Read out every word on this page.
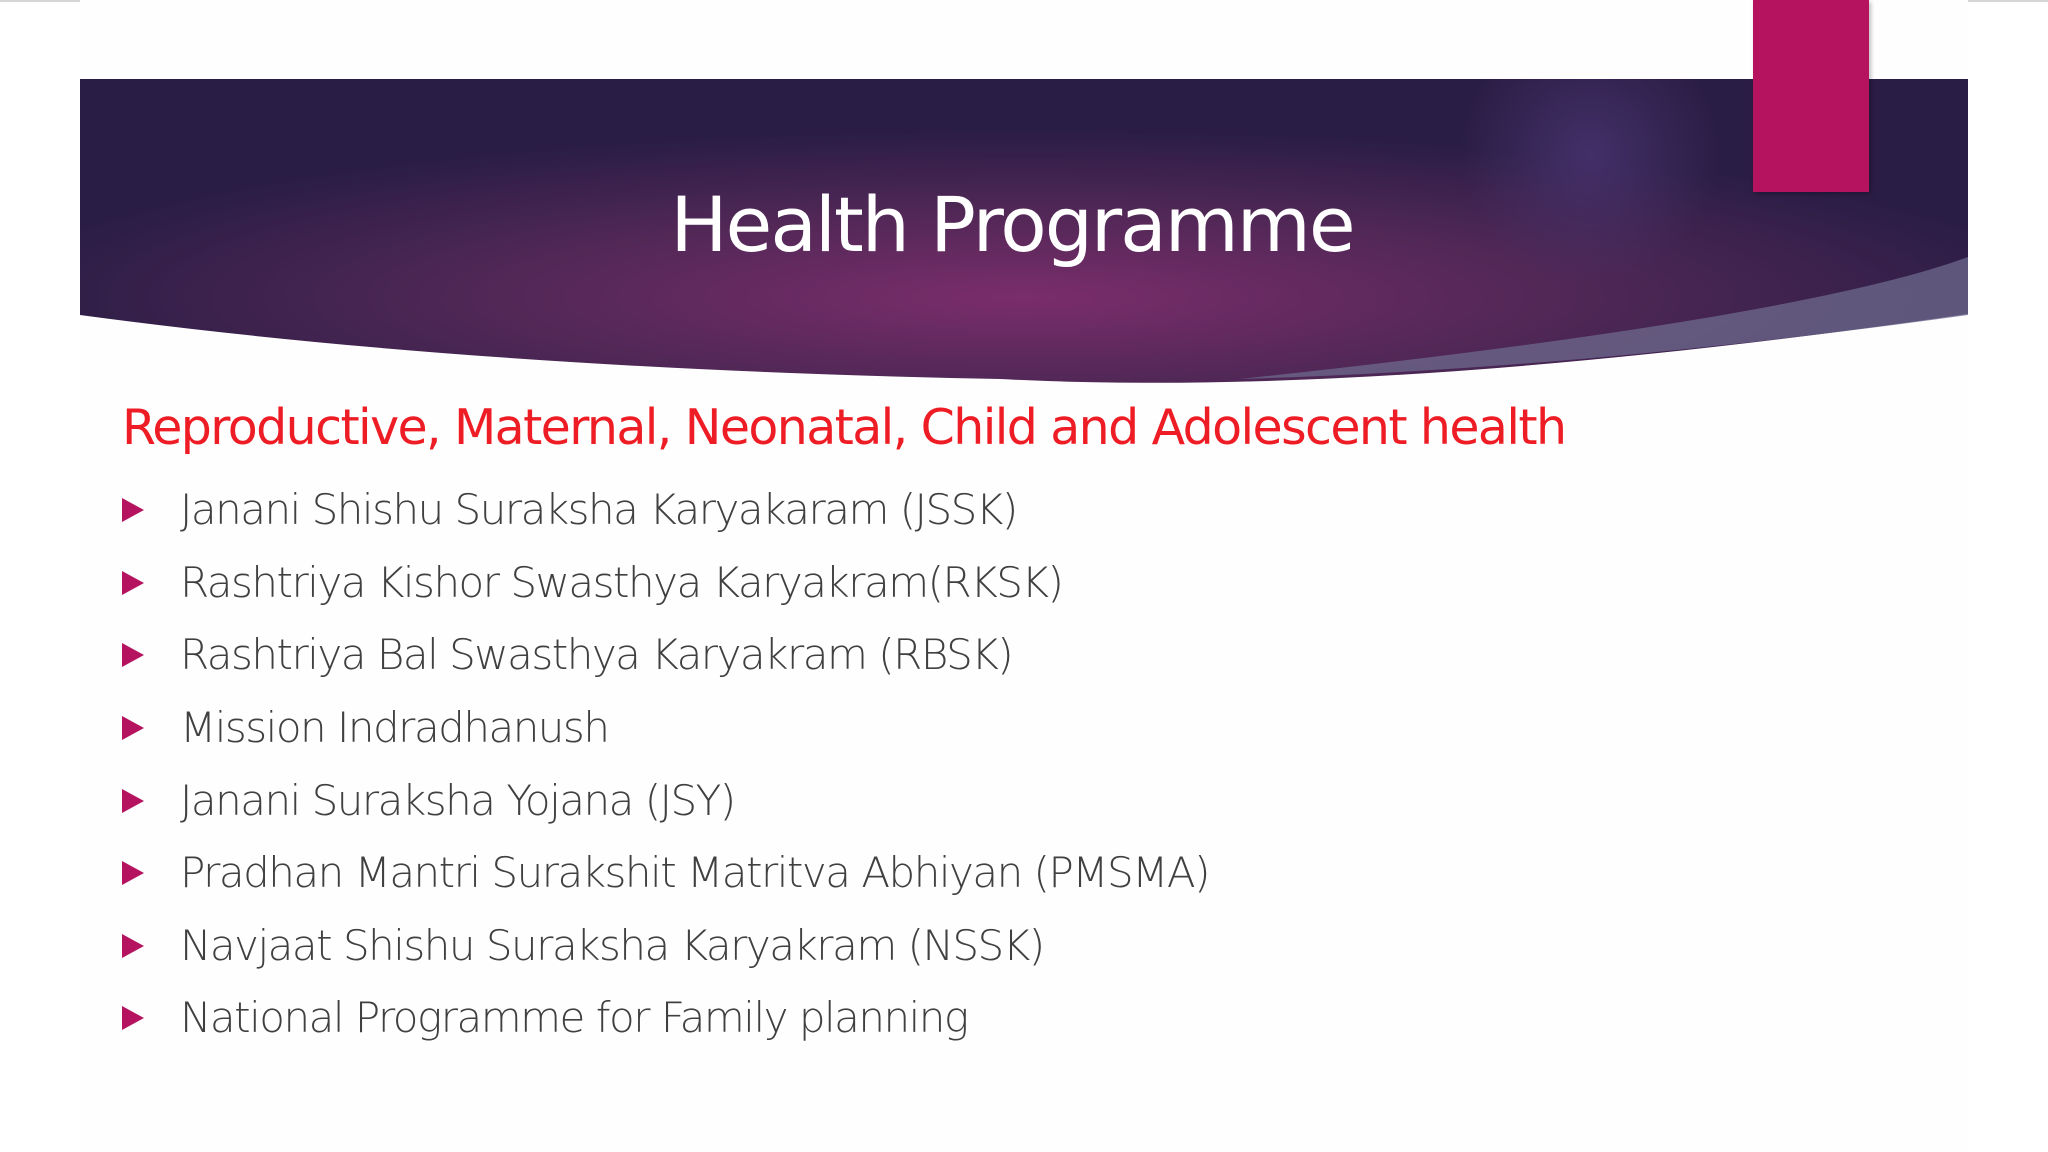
Health Programme

Reproductive, Maternal, Neonatal, Child and Adolescent health

Janani Shishu Suraksha Karyakaram (JSSK)
Rashtriya Kishor Swasthya Karyakram(RKSK)
Rashtriya Bal Swasthya Karyakram (RBSK)
Mission Indradhanush
Janani Suraksha Yojana (JSY)
Pradhan Mantri Surakshit Matritva Abhiyan (PMSMA)
Navjaat Shishu Suraksha Karyakram (NSSK)
National Programme for Family planning
